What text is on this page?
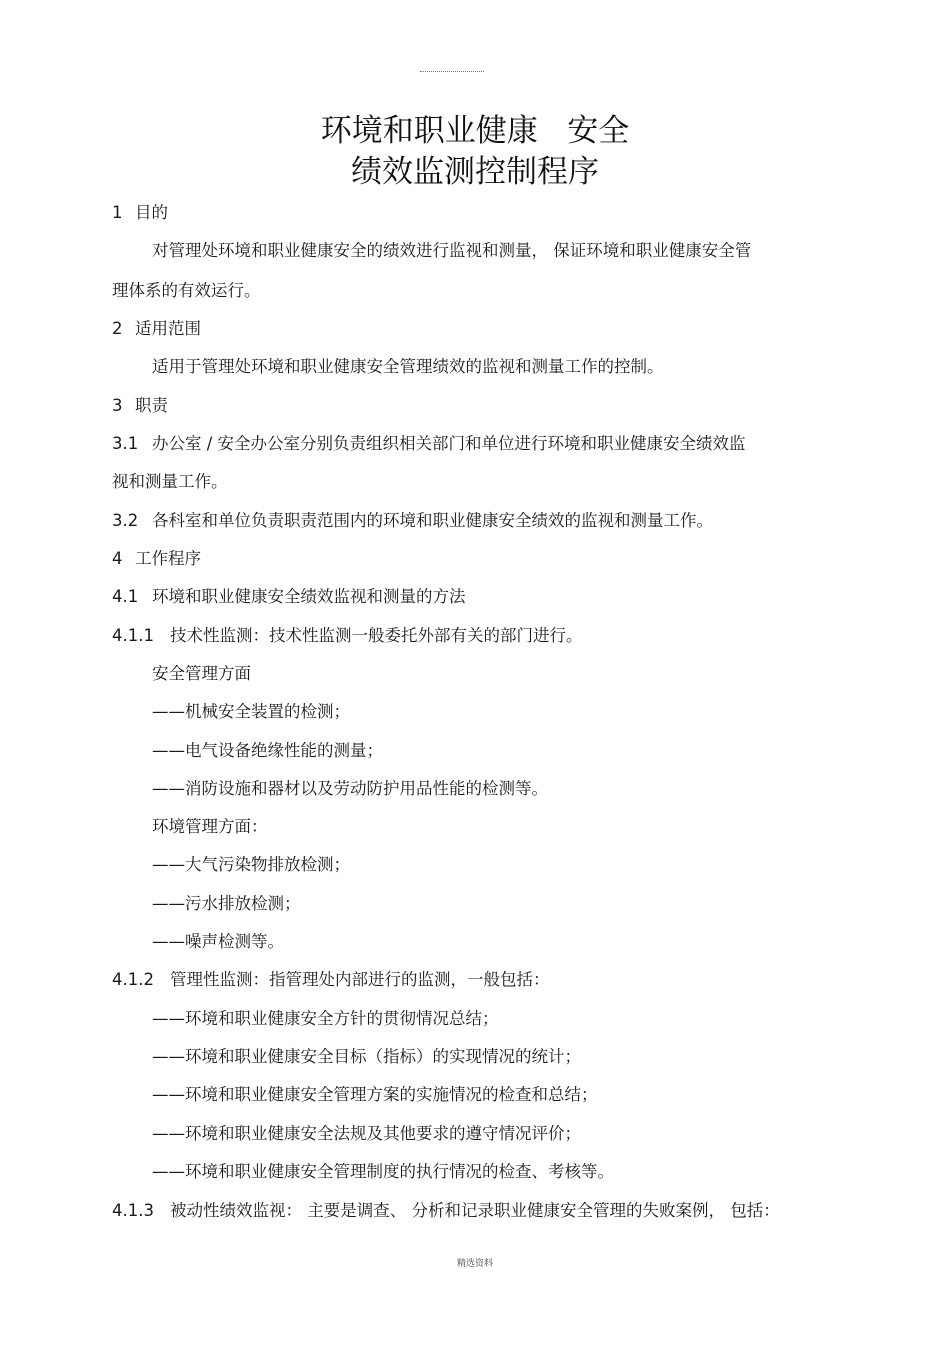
环境和职业健康   安全
绩效监测控制程序
1 目的
对管理处环境和职业健康安全的绩效进行监视和测量， 保证环境和职业健康安全管
理体系的有效运行。
2 适用范围
适用于管理处环境和职业健康安全管理绩效的监视和测量工作的控制。
3 职责
3.1 办公室 / 安全办公室分别负责组织相关部门和单位进行环境和职业健康安全绩效监
视和测量工作。
3.2 各科室和单位负责职责范围内的环境和职业健康安全绩效的监视和测量工作。
4 工作程序
4.1 环境和职业健康安全绩效监视和测量的方法
4.1.1 技术性监测：技术性监测一般委托外部有关的部门进行。
安全管理方面
——机械安全装置的检测；
——电气设备绝缘性能的测量；
——消防设施和器材以及劳动防护用品性能的检测等。
环境管理方面：
——大气污染物排放检测；
——污水排放检测；
——噪声检测等。
4.1.2 管理性监测：指管理处内部进行的监测，一般包括：
——环境和职业健康安全方针的贯彻情况总结；
——环境和职业健康安全目标（指标）的实现情况的统计；
——环境和职业健康安全管理方案的实施情况的检查和总结；
——环境和职业健康安全法规及其他要求的遵守情况评价；
——环境和职业健康安全管理制度的执行情况的检查、考核等。
4.1.3 被动性绩效监视： 主要是调查、 分析和记录职业健康安全管理的失败案例， 包括：
精选资料
